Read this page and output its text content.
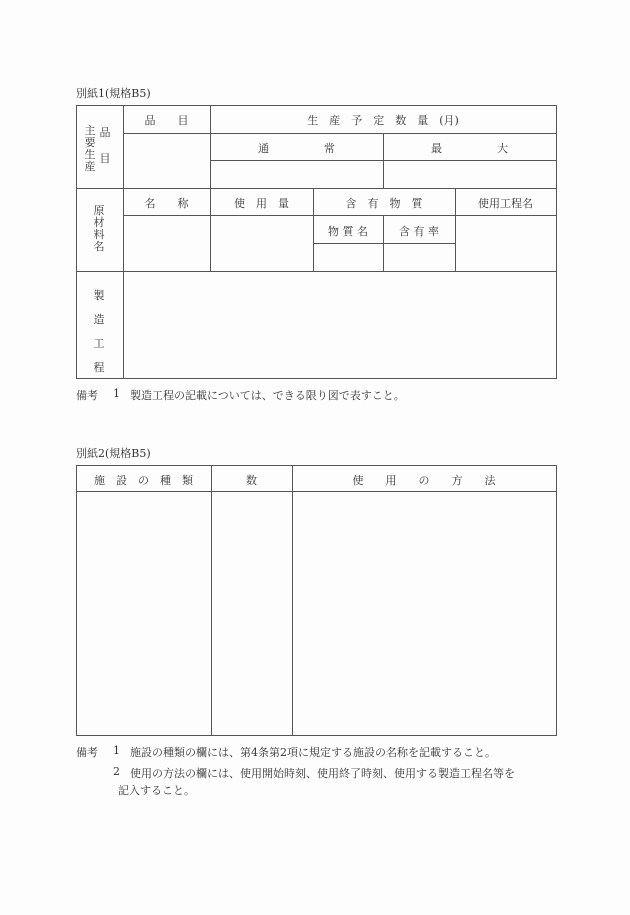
別紙1(規格B5)
主要生産
品 目
品　　目	生　産　予　定　数　量　(月)
通　　　　　常	最　　　　　大
原材料名
名　　称	使　用　量	含　有　物　質	使用工程名
物 質 名	含 有 率
製造工程
備考 1 製造工程の記載については、できる限り図で表すこと。
別紙2(規格B5)
施　設　の　種　類	数	使　　用　　の　　方　　法
備考 1 施設の種類の欄には、第4条第2項に規定する施設の名称を記載すること。
2 使用の方法の欄には、使用開始時刻、使用終了時刻、使用する製造工程名等を
記入すること。
